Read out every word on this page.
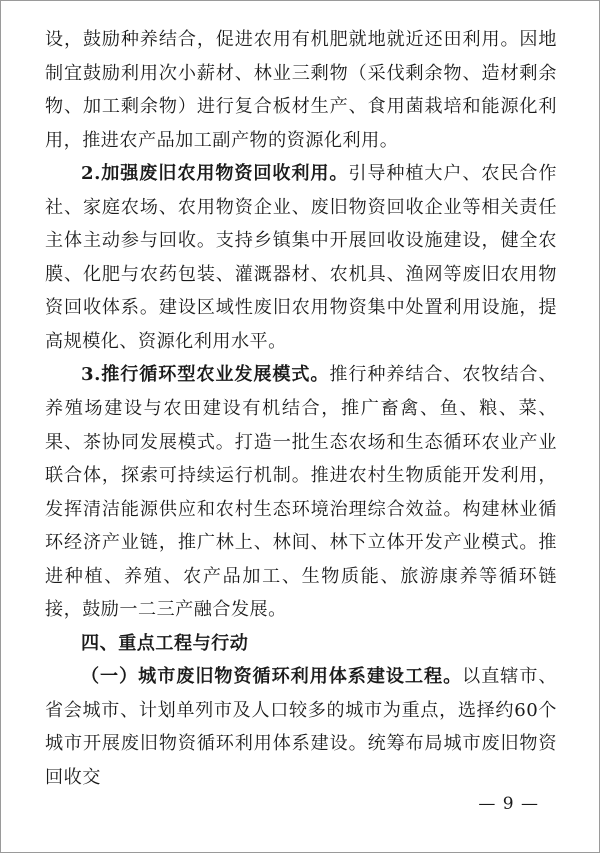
设，鼓励种养结合，促进农用有机肥就地就近还田利用。因地制宜鼓励利用次小薪材、林业三剩物（采伐剩余物、造材剩余物、加工剩余物）进行复合板材生产、食用菌栽培和能源化利用，推进农产品加工副产物的资源化利用。

2.加强废旧农用物资回收利用。引导种植大户、农民合作社、家庭农场、农用物资企业、废旧物资回收企业等相关责任主体主动参与回收。支持乡镇集中开展回收设施建设，健全农膜、化肥与农药包装、灌溉器材、农机具、渔网等废旧农用物资回收体系。建设区域性废旧农用物资集中处置利用设施，提高规模化、资源化利用水平。

3.推行循环型农业发展模式。推行种养结合、农牧结合、养殖场建设与农田建设有机结合，推广畜禽、鱼、粮、菜、果、茶协同发展模式。打造一批生态农场和生态循环农业产业联合体，探索可持续运行机制。推进农村生物质能开发利用，发挥清洁能源供应和农村生态环境治理综合效益。构建林业循环经济产业链，推广林上、林间、林下立体开发产业模式。推进种植、养殖、农产品加工、生物质能、旅游康养等循环链接，鼓励一二三产融合发展。

四、重点工程与行动

（一）城市废旧物资循环利用体系建设工程。以直辖市、省会城市、计划单列市及人口较多的城市为重点，选择约60个城市开展废旧物资循环利用体系建设。统筹布局城市废旧物资回收交

— 9 —
